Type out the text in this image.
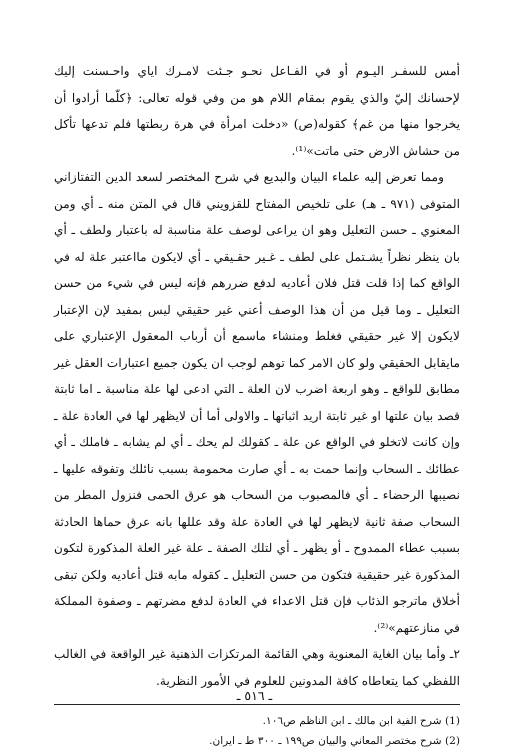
أمس للسفـر اليـوم أو في الفـاعل نحـو جـئت لامـرك اياي واحـسنت إليك لإحسانك إليّ والذي يقوم بمقام اللام هو من وفي قوله تعالى: ﴿كلّما أرادوا أن يخرجوا منها من غم﴾ كقوله(ص) «دخلت امرأة في هرة ربطتها فلم تدعها تأكل من حشاش الارض حتى ماتت»⁽¹⁾.

ومما تعرض إليه علماء البيان والبديع في شرح المختصر لسعد الدين التفتازاني المتوفى (٩٧١ ـ هـ) على تلخيص المفتاح للقزويني قال في المتن منه ـ أي ومن المعنوي ـ حسن التعليل وهو ان يراعى لوصف علة مناسبة له باعتبار ولطف ـ أي بان ينظر نظراً يشـتمل على لطف ـ غـير حقـيقي ـ أي لايكون مااعتبر علة له في الواقع كما إذا قلت قتل فلان أعاديه لدفع ضررهم فإنه ليس في شيء من حسن التعليل ـ وما قيل من أن هذا الوصف أعني غير حقيقي ليس بمفيد لإن الإعتبار لايكون إلا غير حقيقي فغلط ومنشاء ماسمع أن أرباب المعقول الإعتباري على مايقابل الحقيقي ولو كان الامر كما توهم لوجب ان يكون جميع اعتبارات العقل غير مطابق للواقع ـ وهو اربعة اضرب لان العلة ـ التي ادعى لها علة مناسبة ـ اما ثابتة قصد بيان علتها او غير ثابتة اريد اثباتها ـ والاولى أما أن لايظهر لها في العادة علة ـ وإن كانت لاتخلو في الواقع عن علة ـ كقولك لم يحك ـ أي لم يشابه ـ فاملك ـ أي عطائك ـ السحاب وإنما حمت به ـ أي صارت محمومة بسبب نائلك وتفوقه عليها ـ نصيبها الرحضاء ـ أي فالمصبوب من السحاب هو عرق الحمى فنزول المطر من السحاب صفة ثانية لايظهر لها في العادة علة وقد عللها بانه عرق حماها الحادثة بسبب عطاء الممدوح ـ أو يظهر ـ أي لتلك الصفة ـ علة غير العلة المذكورة لتكون المذكورة غير حقيقية فتكون من حسن التعليل ـ كقوله مابه قتل أعاديه ولكن تبقى أخلاق ماترجو الذئاب فإن قتل الاعداء في العادة لدفع مضرتهم ـ وصفوة المملكة في منازعتهم»⁽²⁾.

٢ـ وأما بيان الغاية المعنوية وهي القائمة المرتكزات الذهنية غير الواقعة في الغالب اللفظي كما يتعاطاه كافة المدونين للعلوم في الأمور النظرية.

(1) شرح الفية ابن مالك ـ ابن الناظم ص١٠٦.

(2) شرح مختصر المعاني والبيان ص١٩٩ ـ ٣٠٠ ط ـ ايران.

ـ ٥١٦ ـ
